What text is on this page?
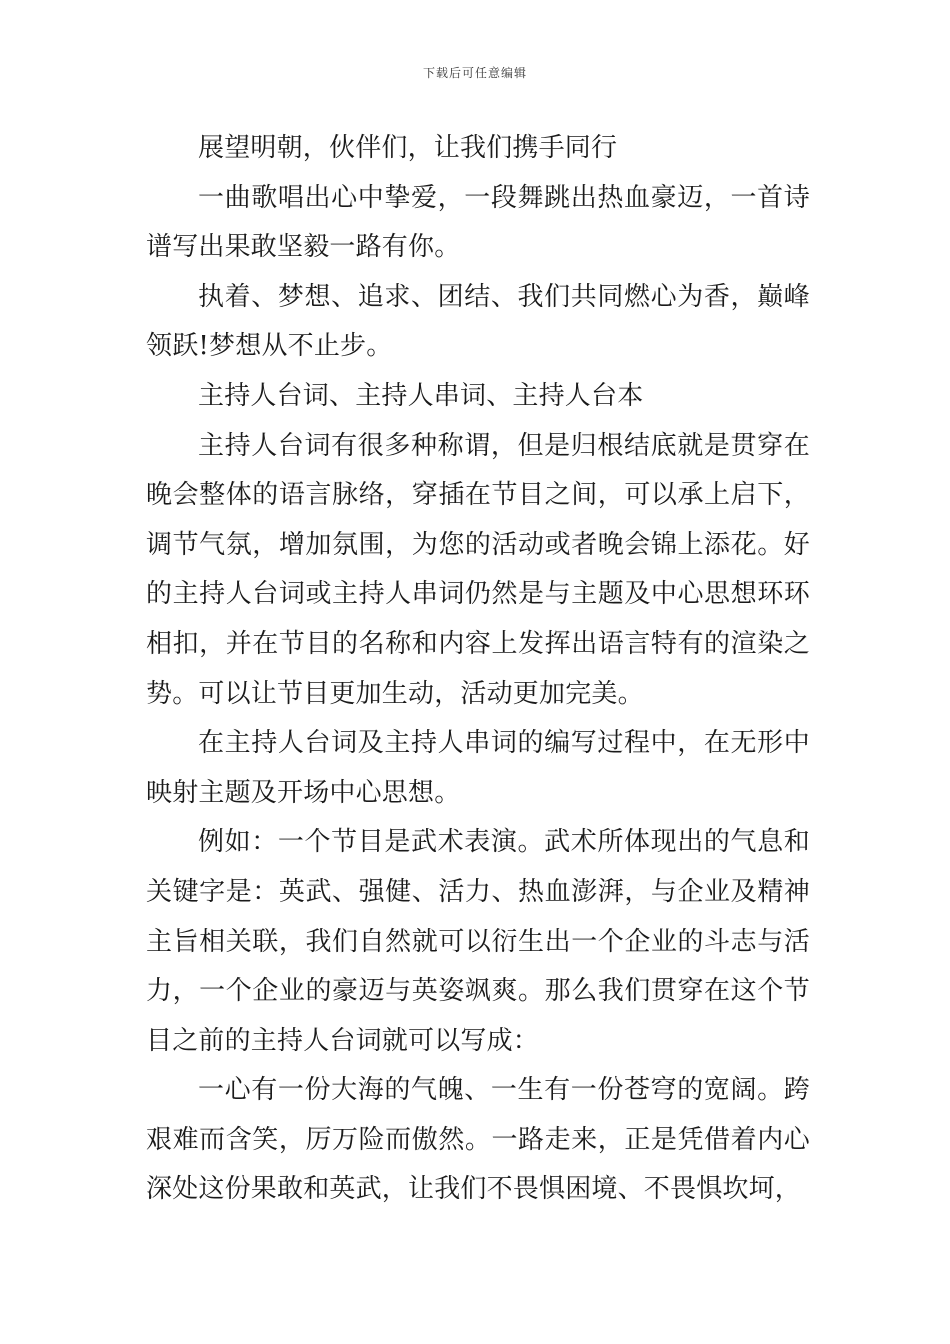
下载后可任意编辑

展望明朝，伙伴们，让我们携手同行

一曲歌唱出心中挚爱，一段舞跳出热血豪迈，一首诗谱写出果敢坚毅一路有你。

执着、梦想、追求、团结、我们共同燃心为香，巅峰领跃!梦想从不止步。

主持人台词、主持人串词、主持人台本

主持人台词有很多种称谓，但是归根结底就是贯穿在晚会整体的语言脉络，穿插在节目之间，可以承上启下，调节气氛，增加氛围，为您的活动或者晚会锦上添花。好的主持人台词或主持人串词仍然是与主题及中心思想环环相扣，并在节目的名称和内容上发挥出语言特有的渲染之势。可以让节目更加生动，活动更加完美。

在主持人台词及主持人串词的编写过程中，在无形中映射主题及开场中心思想。

例如：一个节目是武术表演。武术所体现出的气息和关键字是：英武、强健、活力、热血澎湃，与企业及精神主旨相关联，我们自然就可以衍生出一个企业的斗志与活力，一个企业的豪迈与英姿飒爽。那么我们贯穿在这个节目之前的主持人台词就可以写成：

一心有一份大海的气魄、一生有一份苍穹的宽阔。跨艰难而含笑，厉万险而傲然。一路走来，正是凭借着内心深处这份果敢和英武，让我们不畏惧困境、不畏惧坎坷，
